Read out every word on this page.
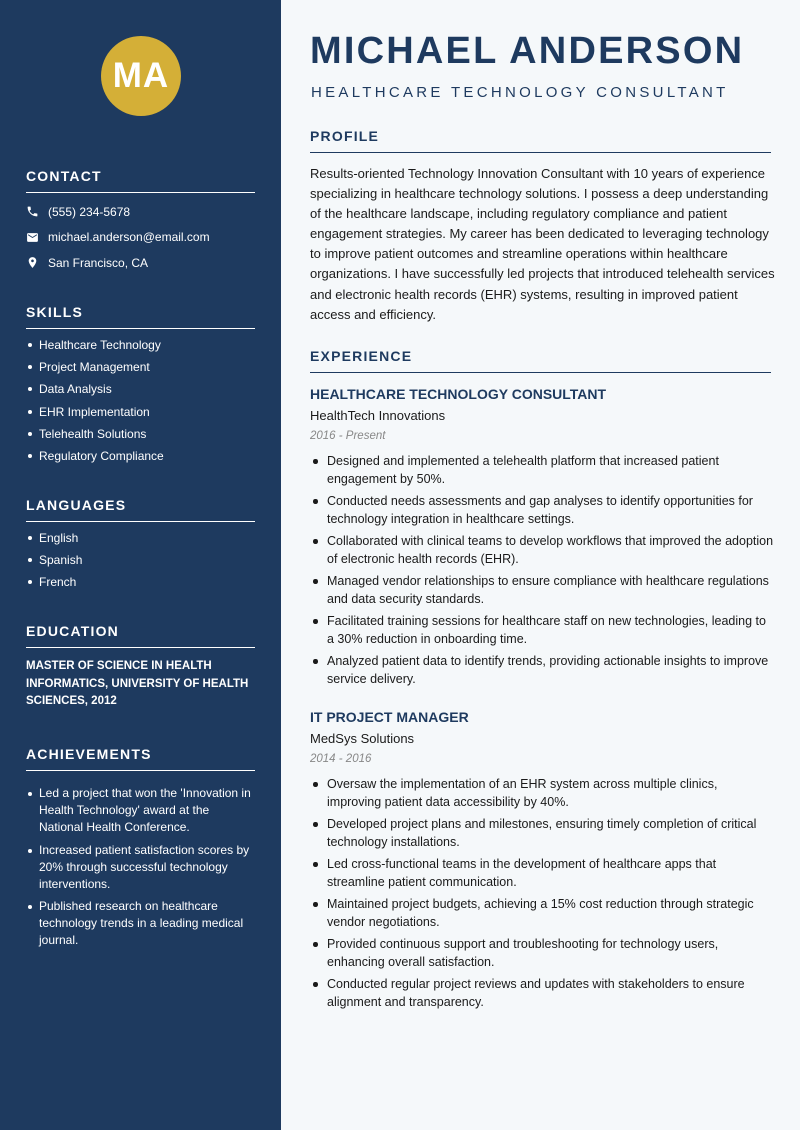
MA
CONTACT
(555) 234-5678
michael.anderson@email.com
San Francisco, CA
SKILLS
Healthcare Technology
Project Management
Data Analysis
EHR Implementation
Telehealth Solutions
Regulatory Compliance
LANGUAGES
English
Spanish
French
EDUCATION
MASTER OF SCIENCE IN HEALTH INFORMATICS, UNIVERSITY OF HEALTH SCIENCES, 2012
ACHIEVEMENTS
Led a project that won the 'Innovation in Health Technology' award at the National Health Conference.
Increased patient satisfaction scores by 20% through successful technology interventions.
Published research on healthcare technology trends in a leading medical journal.
MICHAEL ANDERSON
HEALTHCARE TECHNOLOGY CONSULTANT
PROFILE

Results-oriented Technology Innovation Consultant with 10 years of experience specializing in healthcare technology solutions. I possess a deep understanding of the healthcare landscape, including regulatory compliance and patient engagement strategies. My career has been dedicated to leveraging technology to improve patient outcomes and streamline operations within healthcare organizations. I have successfully led projects that introduced telehealth services and electronic health records (EHR) systems, resulting in improved patient access and efficiency.

EXPERIENCE
HEALTHCARE TECHNOLOGY CONSULTANT
HealthTech Innovations
2016 - Present
Designed and implemented a telehealth platform that increased patient engagement by 50%.
Conducted needs assessments and gap analyses to identify opportunities for technology integration in healthcare settings.
Collaborated with clinical teams to develop workflows that improved the adoption of electronic health records (EHR).
Managed vendor relationships to ensure compliance with healthcare regulations and data security standards.
Facilitated training sessions for healthcare staff on new technologies, leading to a 30% reduction in onboarding time.
Analyzed patient data to identify trends, providing actionable insights to improve service delivery.
IT PROJECT MANAGER
MedSys Solutions
2014 - 2016
Oversaw the implementation of an EHR system across multiple clinics, improving patient data accessibility by 40%.
Developed project plans and milestones, ensuring timely completion of critical technology installations.
Led cross-functional teams in the development of healthcare apps that streamline patient communication.
Maintained project budgets, achieving a 15% cost reduction through strategic vendor negotiations.
Provided continuous support and troubleshooting for technology users, enhancing overall satisfaction.
Conducted regular project reviews and updates with stakeholders to ensure alignment and transparency.
